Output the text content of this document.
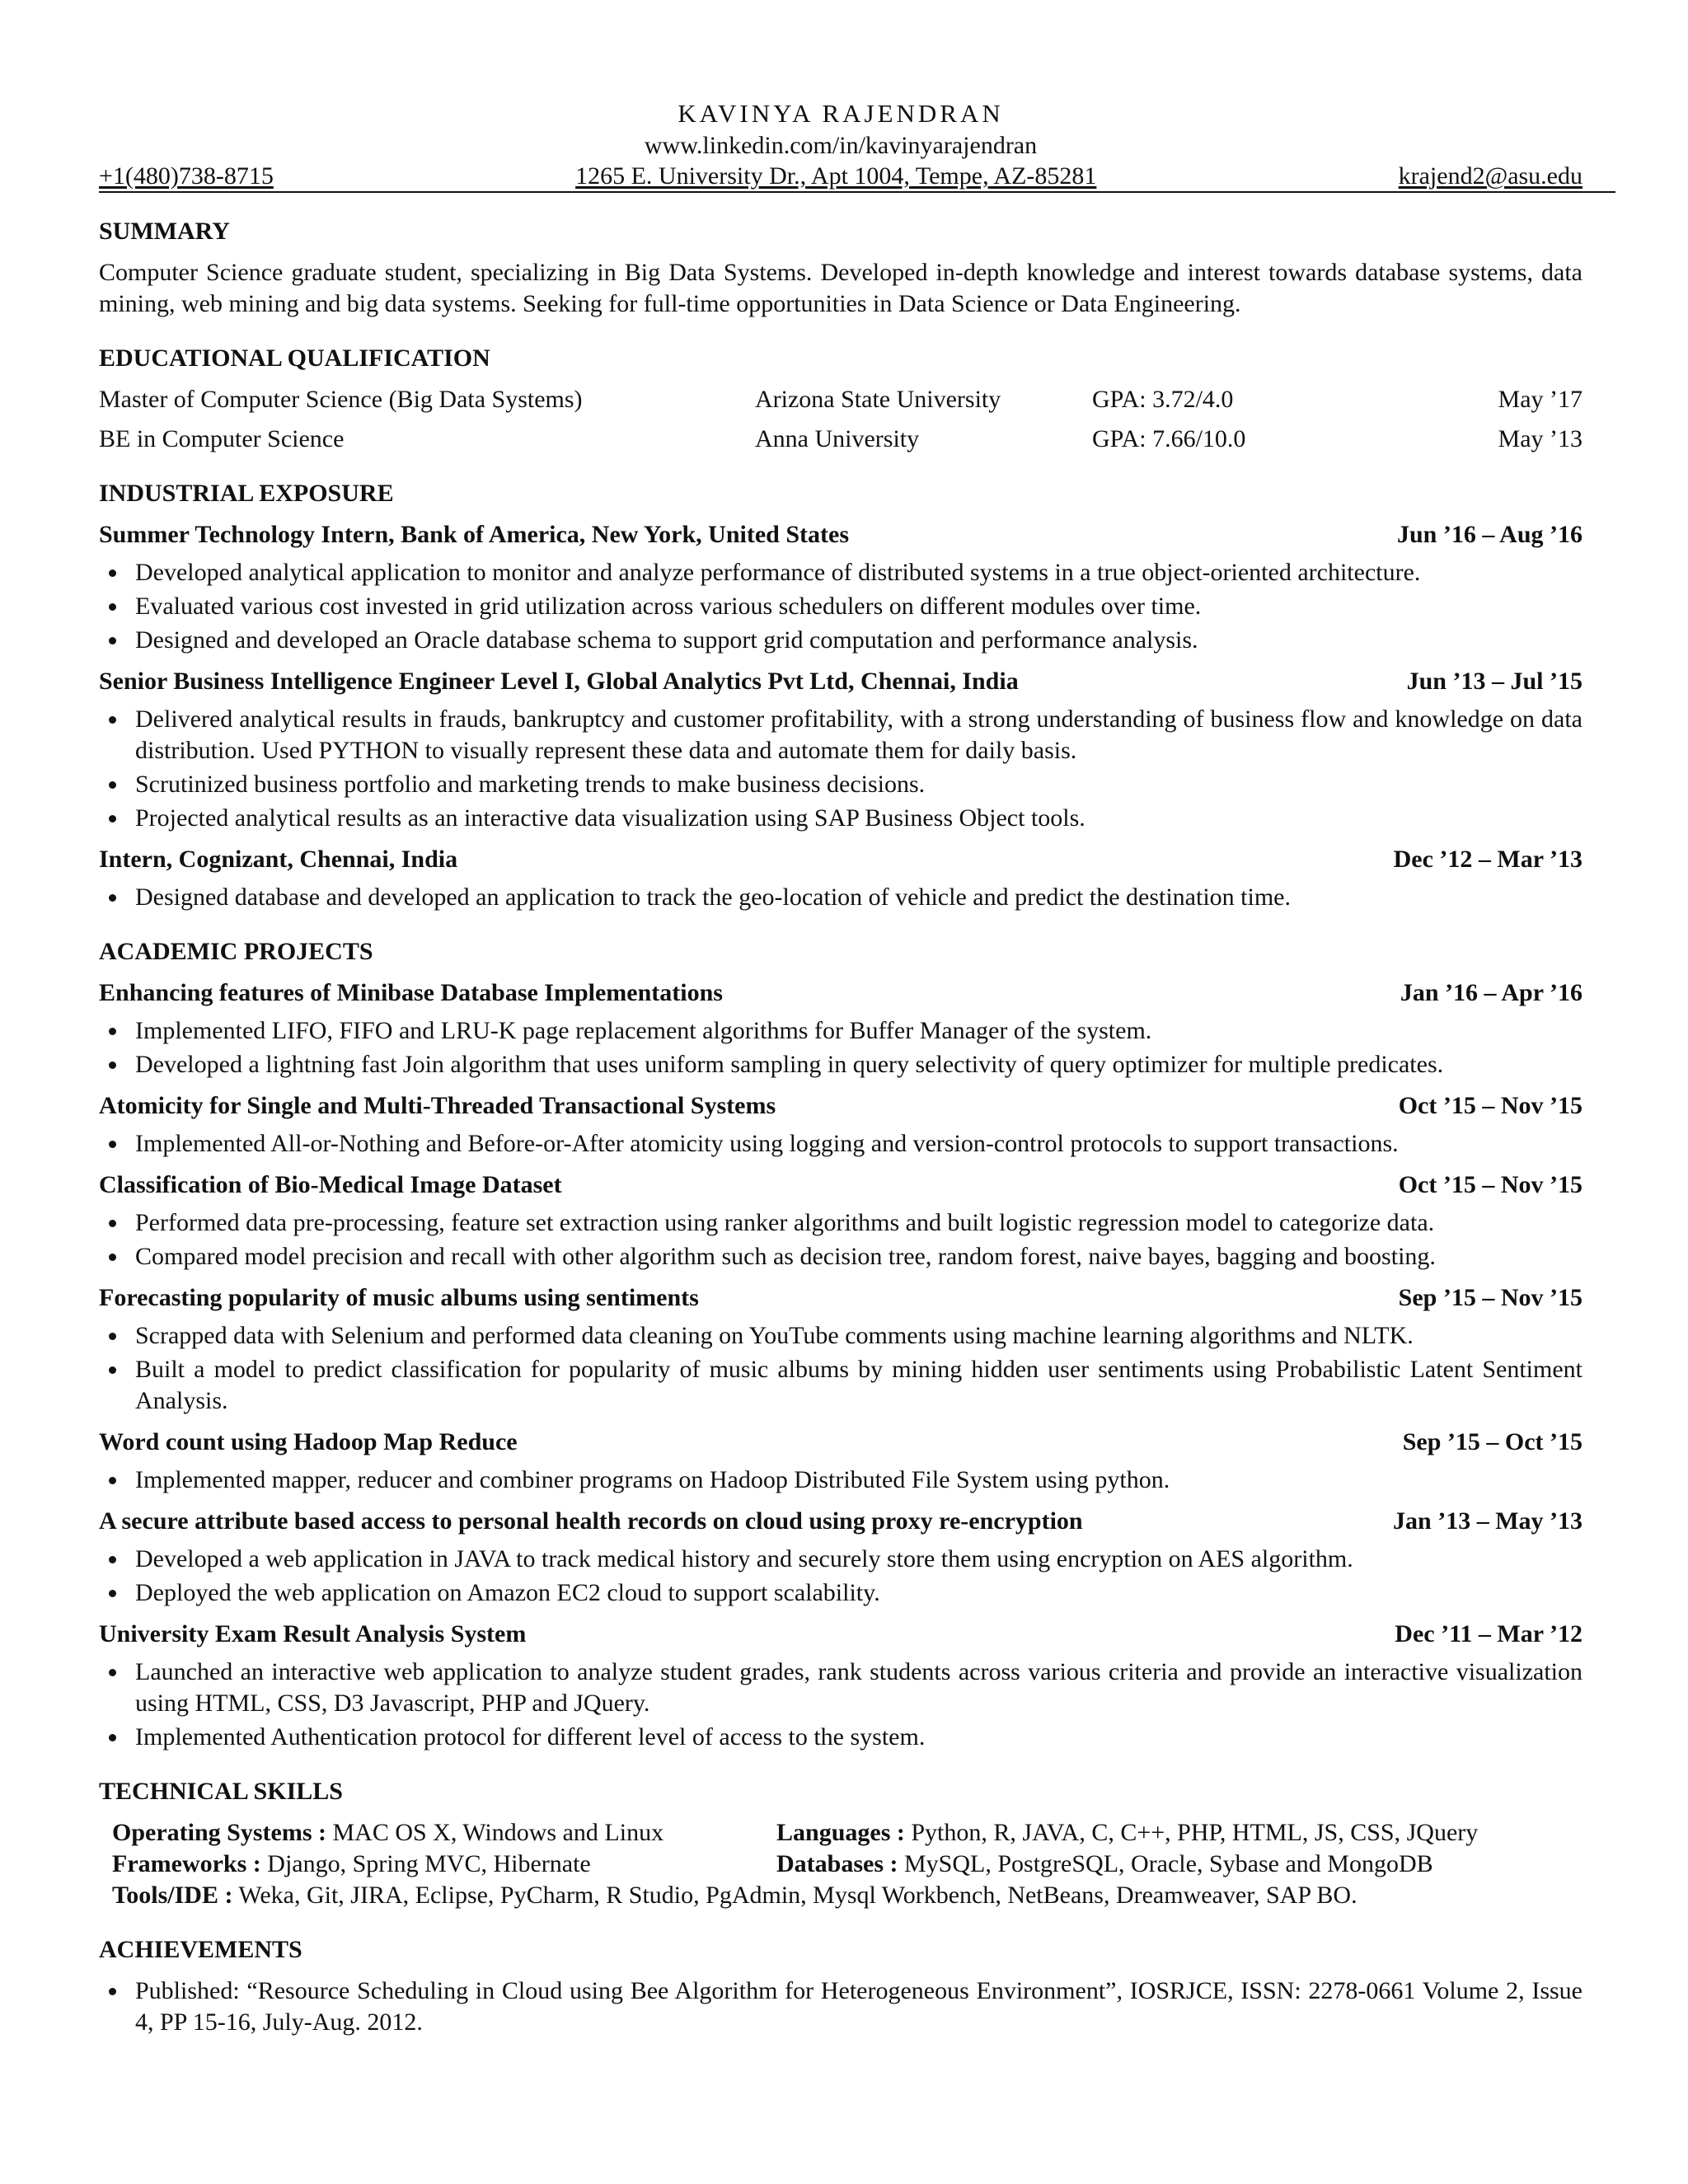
KAVINYA RAJENDRAN
www.linkedin.com/in/kavinyarajendran
+1(480)738-8715	1265 E. University Dr., Apt 1004, Tempe, AZ-85281	krajend2@asu.edu
SUMMARY
Computer Science graduate student, specializing in Big Data Systems. Developed in-depth knowledge and interest towards database systems, data mining, web mining and big data systems. Seeking for full-time opportunities in Data Science or Data Engineering.
EDUCATIONAL QUALIFICATION
Master of Computer Science (Big Data Systems)	Arizona State University	GPA: 3.72/4.0	May ’17
BE in Computer Science	Anna University	GPA: 7.66/10.0	May ’13
INDUSTRIAL EXPOSURE
Summer Technology Intern, Bank of America, New York, United States	Jun ’16 – Aug ’16
Developed analytical application to monitor and analyze performance of distributed systems in a true object-oriented architecture.
Evaluated various cost invested in grid utilization across various schedulers on different modules over time.
Designed and developed an Oracle database schema to support grid computation and performance analysis.
Senior Business Intelligence Engineer Level I, Global Analytics Pvt Ltd, Chennai, India	Jun ’13 – Jul ’15
Delivered analytical results in frauds, bankruptcy and customer profitability, with a strong understanding of business flow and knowledge on data distribution. Used PYTHON to visually represent these data and automate them for daily basis.
Scrutinized business portfolio and marketing trends to make business decisions.
Projected analytical results as an interactive data visualization using SAP Business Object tools.
Intern, Cognizant, Chennai, India	Dec ’12 – Mar ’13
Designed database and developed an application to track the geo-location of vehicle and predict the destination time.
ACADEMIC PROJECTS
Enhancing features of Minibase Database Implementations	Jan ’16 – Apr ’16
Implemented LIFO, FIFO and LRU-K page replacement algorithms for Buffer Manager of the system.
Developed a lightning fast Join algorithm that uses uniform sampling in query selectivity of query optimizer for multiple predicates.
Atomicity for Single and Multi-Threaded Transactional Systems	Oct ’15 – Nov ’15
Implemented All-or-Nothing and Before-or-After atomicity using logging and version-control protocols to support transactions.
Classification of Bio-Medical Image Dataset	Oct ’15 – Nov ’15
Performed data pre-processing, feature set extraction using ranker algorithms and built logistic regression model to categorize data.
Compared model precision and recall with other algorithm such as decision tree, random forest, naive bayes, bagging and boosting.
Forecasting popularity of music albums using sentiments	Sep ’15 – Nov ’15
Scrapped data with Selenium and performed data cleaning on YouTube comments using machine learning algorithms and NLTK.
Built a model to predict classification for popularity of music albums by mining hidden user sentiments using Probabilistic Latent Sentiment Analysis.
Word count using Hadoop Map Reduce	Sep ’15 – Oct ’15
Implemented mapper, reducer and combiner programs on Hadoop Distributed File System using python.
A secure attribute based access to personal health records on cloud using proxy re-encryption	Jan ’13 – May ’13
Developed a web application in JAVA to track medical history and securely store them using encryption on AES algorithm.
Deployed the web application on Amazon EC2 cloud to support scalability.
University Exam Result Analysis System	Dec ’11 – Mar ’12
Launched an interactive web application to analyze student grades, rank students across various criteria and provide an interactive visualization using HTML, CSS, D3 Javascript, PHP and JQuery.
Implemented Authentication protocol for different level of access to the system.
TECHNICAL SKILLS
Operating Systems : MAC OS X, Windows and Linux	Languages : Python, R, JAVA, C, C++, PHP, HTML, JS, CSS, JQuery
Frameworks : Django, Spring MVC, Hibernate	Databases : MySQL, PostgreSQL, Oracle, Sybase and MongoDB
Tools/IDE : Weka, Git, JIRA, Eclipse, PyCharm, R Studio, PgAdmin, Mysql Workbench, NetBeans, Dreamweaver, SAP BO.
ACHIEVEMENTS
Published: “Resource Scheduling in Cloud using Bee Algorithm for Heterogeneous Environment”, IOSRJCE, ISSN: 2278-0661 Volume 2, Issue 4, PP 15-16, July-Aug. 2012.
